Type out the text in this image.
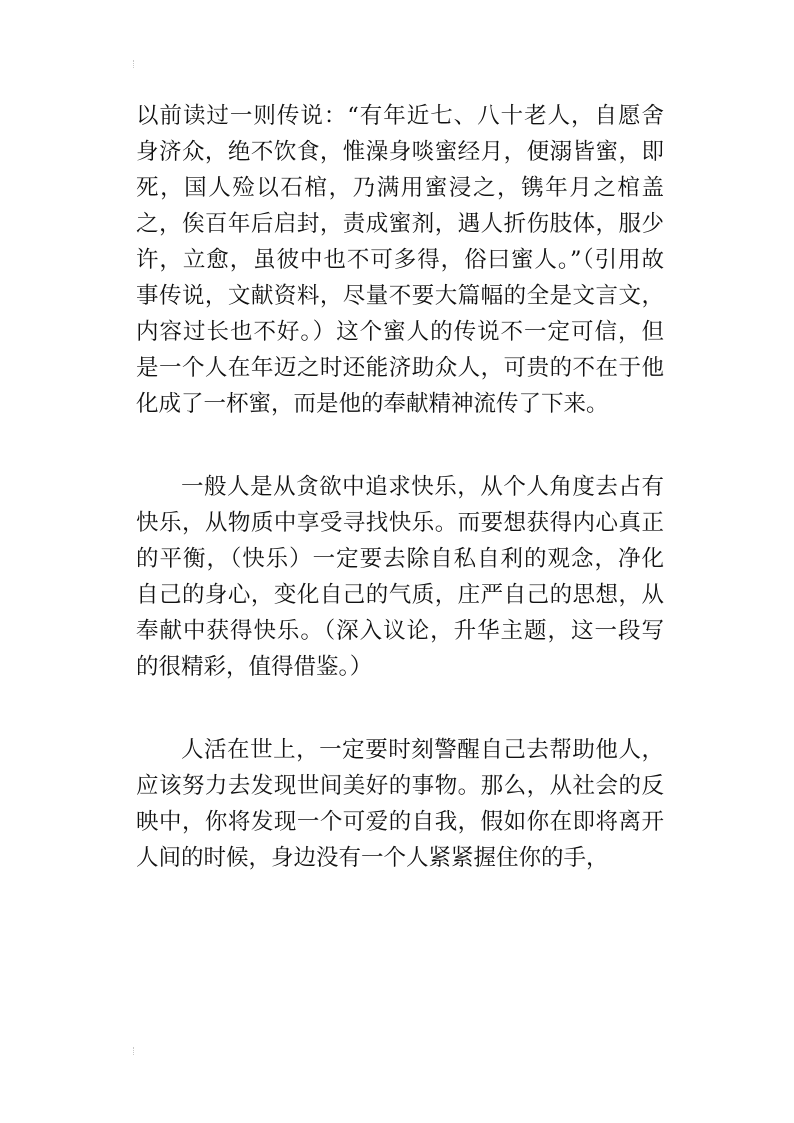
以前读过一则传说：“有年近七、八十老人，自愿舍身济众，绝不饮食，惟澡身啖蜜经月，便溺皆蜜，即死，国人殓以石棺，乃满用蜜浸之，镌年月之棺盖之，俟百年后启封，责成蜜剂，遇人折伤肢体，服少许，立愈，虽彼中也不可多得，俗曰蜜人。”（引用故事传说，文献资料，尽量不要大篇幅的全是文言文，内容过长也不好。）这个蜜人的传说不一定可信，但是一个人在年迈之时还能济助众人，可贵的不在于他化成了一杯蜜，而是他的奉献精神流传了下来。

一般人是从贪欲中追求快乐，从个人角度去占有快乐，从物质中享受寻找快乐。而要想获得内心真正的平衡，（快乐）一定要去除自私自利的观念，净化自己的身心，变化自己的气质，庄严自己的思想，从奉献中获得快乐。（深入议论，升华主题，这一段写的很精彩，值得借鉴。）

人活在世上，一定要时刻警醒自己去帮助他人，应该努力去发现世间美好的事物。那么，从社会的反映中，你将发现一个可爱的自我，假如你在即将离开人间的时候，身边没有一个人紧紧握住你的手，
